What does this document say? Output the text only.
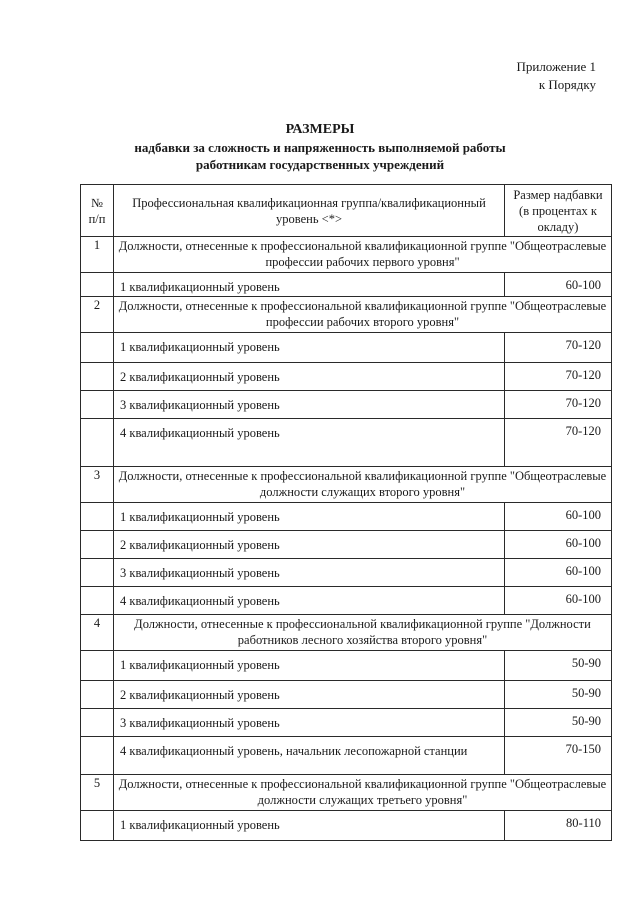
Приложение 1
к Порядку
РАЗМЕРЫ
надбавки за сложность и напряженность выполняемой работы
работникам государственных учреждений
№ п/п	Профессиональная квалификационная группа/квалификационный уровень <*>	Размер надбавки (в процентах к окладу)
1	Должности, отнесенные к профессиональной квалификационной группе "Общеотраслевые профессии рабочих первого уровня"	
	1 квалификационный уровень	60-100
2	Должности, отнесенные к профессиональной квалификационной группе "Общеотраслевые профессии рабочих второго уровня"	
	1 квалификационный уровень	70-120
	2 квалификационный уровень	70-120
	3 квалификационный уровень	70-120
	4 квалификационный уровень	70-120
3	Должности, отнесенные к профессиональной квалификационной группе "Общеотраслевые должности служащих второго уровня"	
	1 квалификационный уровень	60-100
	2 квалификационный уровень	60-100
	3 квалификационный уровень	60-100
	4 квалификационный уровень	60-100
4	Должности, отнесенные к профессиональной квалификационной группе "Должности работников лесного хозяйства второго уровня"	
	1 квалификационный уровень	50-90
	2 квалификационный уровень	50-90
	3 квалификационный уровень	50-90
	4 квалификационный уровень, начальник лесопожарной станции	70-150
5	Должности, отнесенные к профессиональной квалификационной группе "Общеотраслевые должности служащих третьего уровня"	
	1 квалификационный уровень	80-110
